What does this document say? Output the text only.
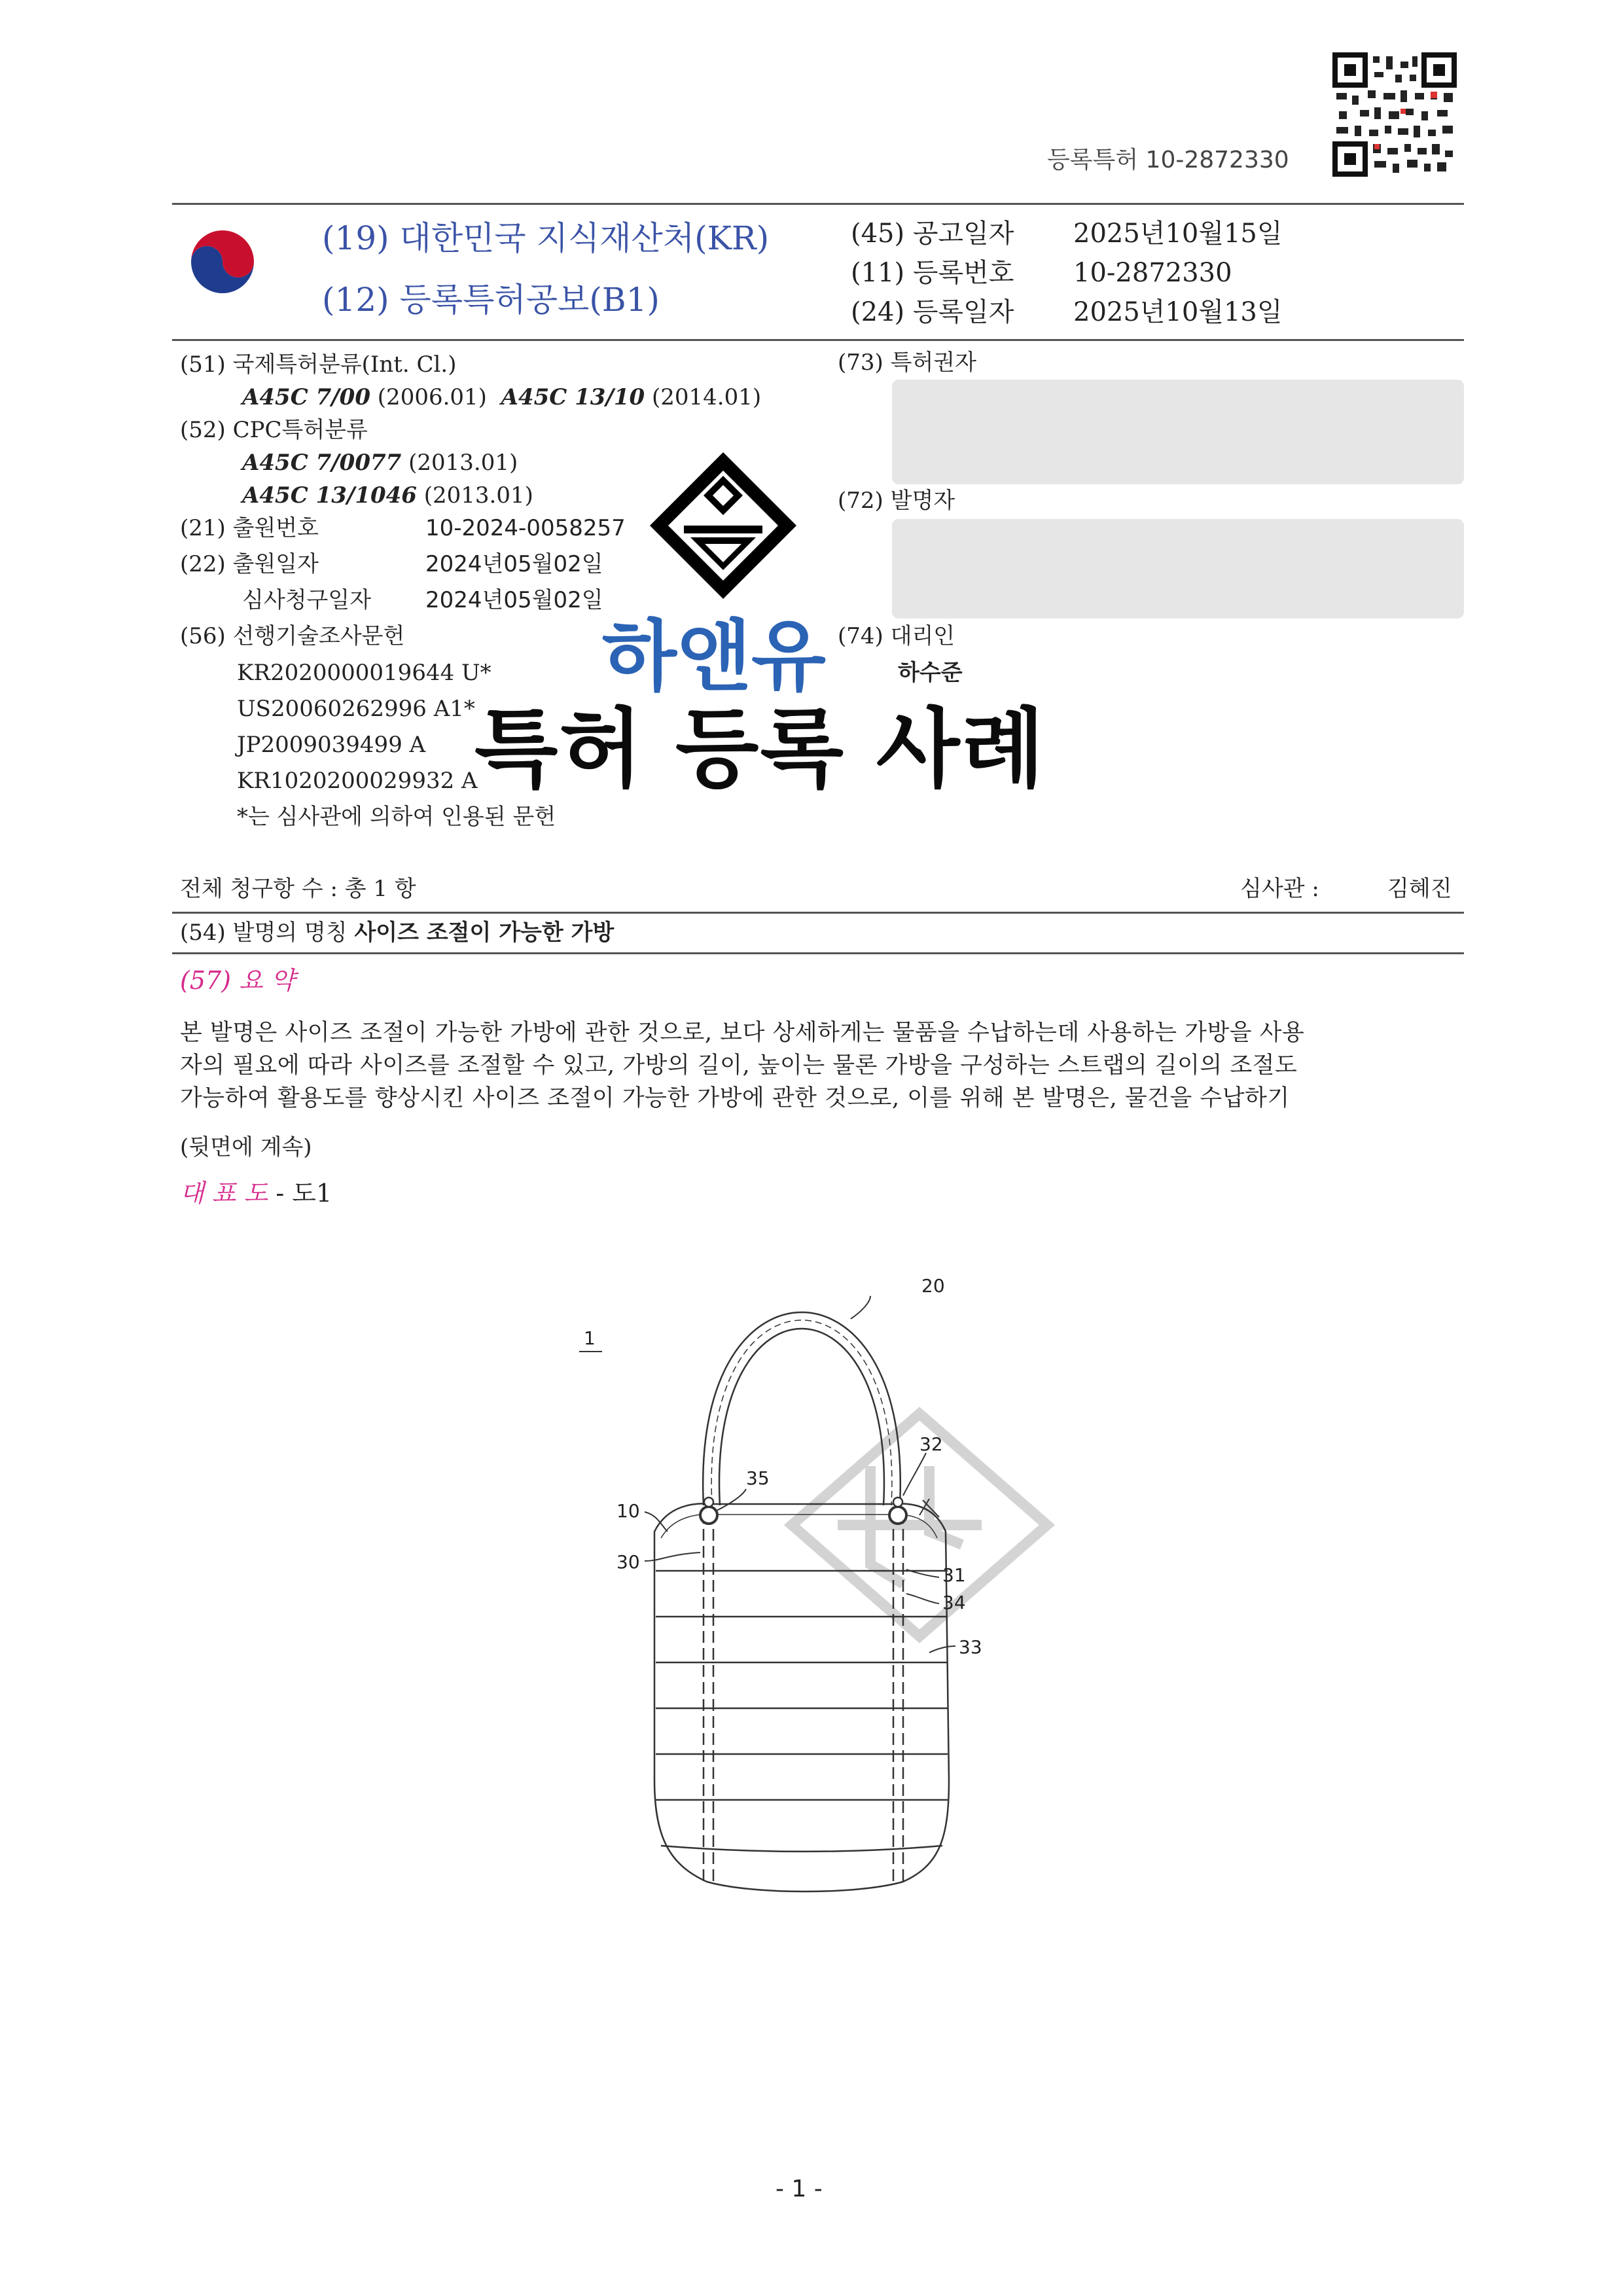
등록특허 10-2872330
(19) 대한민국 지식재산처(KR)
(12) 등록특허공보(B1)
(45) 공고일자 2025년10월15일
(11) 등록번호 10-2872330
(24) 등록일자 2025년10월13일
(51) 국제특허분류(Int. Cl.)
A45C 7/00 (2006.01) A45C 13/10 (2014.01)
(52) CPC특허분류
A45C 7/0077 (2013.01)
A45C 13/1046 (2013.01)
(21) 출원번호	10-2024-0058257
(22) 출원일자	2024년05월02일
심사청구일자 2024년05월02일
(56) 선행기술조사문헌
KR2020000019644 U*
US20060262996 A1*
JP2009039499 A
KR1020200029932 A
*는 심사관에 의하여 인용된 문헌
(73) 특허권자
(72) 발명자
(74) 대리인
하수준
하앤유
특허 등록 사례
전체 청구항 수 : 총 1 항	심사관 :	김혜진
(54) 발명의 명칭 사이즈 조절이 가능한 가방
(57) 요 약
본 발명은 사이즈 조절이 가능한 가방에 관한 것으로, 보다 상세하게는 물품을 수납하는데 사용하는 가방을 사용
자의 필요에 따라 사이즈를 조절할 수 있고, 가방의 길이, 높이는 물론 가방을 구성하는 스트랩의 길이의 조절도
가능하여 활용도를 향상시킨 사이즈 조절이 가능한 가방에 관한 것으로, 이를 위해 본 발명은, 물건을 수납하기
(뒷면에 계속)
대 표 도 - 도1
20
1
35
32
10
30
31
34
33
- 1 -
